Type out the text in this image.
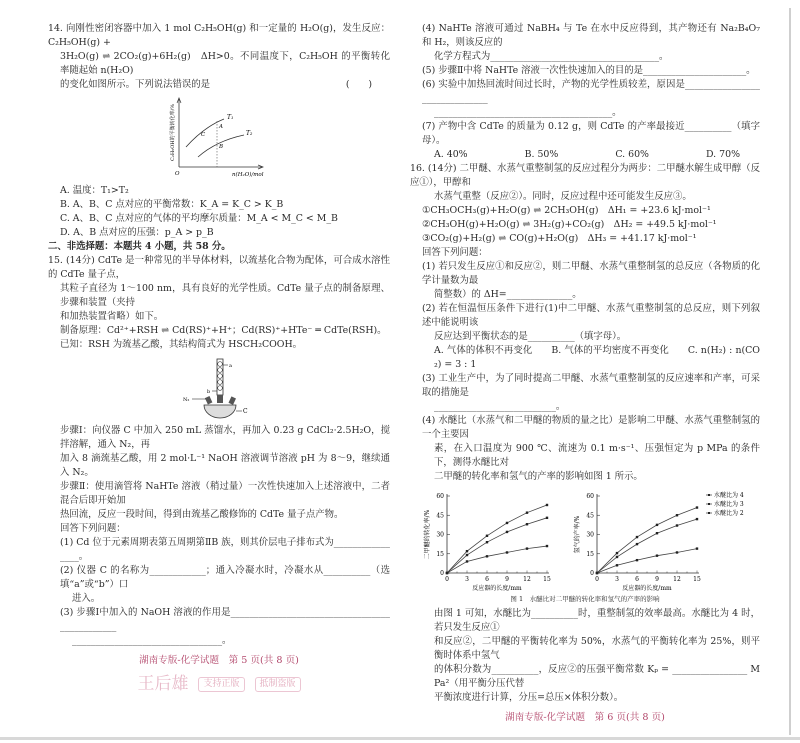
14. 向刚性密闭容器中加入 1 mol C₂H₅OH(g) 和一定量的 H₂O(g)，发生反应：C₂H₅OH(g) +
3H₂O(g) ⇌ 2CO₂(g)+6H₂(g)　ΔH>0。不同温度下，C₂H₅OH 的平衡转化率随起始 n(H₂O)
的变化如图所示。下列说法错误的是	(　　)
T₁
T₂
A
B
C
O	n(H₂O)/mol
C₂H₅OH的平衡转化率/%
A. 温度：T₁>T₂
B. A、B、C 点对应的平衡常数：K_A = K_C > K_B
C. A、B、C 点对应的气体的平均摩尔质量：M_A < M_C < M_B
D. A、B 点对应的压强：p_A > p_B
二、非选择题：本题共 4 小题，共 58 分。
15. (14分) CdTe 是一种常见的半导体材料，以巯基化合物为配体，可合成水溶性的 CdTe 量子点，
其粒子直径为 1～100 nm，具有良好的光学性质。CdTe 量子点的制备原理、步骤和装置（夹持
和加热装置省略）如下。
制备原理：Cd²⁺+RSH ⇌ Cd(RS)⁺+H⁺；Cd(RS)⁺+HTe⁻ ═ CdTe(RSH)。
已知：RSH 为巯基乙酸，其结构简式为 HSCH₂COOH。
a
b
N₂
C
步骤Ⅰ：向仪器 C 中加入 250 mL 蒸馏水，再加入 0.23 g CdCl₂·2.5H₂O，搅拌溶解，通入 N₂，再
加入 8 滴巯基乙酸，用 2 mol·L⁻¹ NaOH 溶液调节溶液 pH 为 8～9，继续通入 N₂。
步骤Ⅱ：使用滴管将 NaHTe 溶液（稍过量）一次性快速加入上述溶液中，二者混合后即开始加
热回流，反应一段时间，得到由巯基乙酸修饰的 CdTe 量子点产物。
回答下列问题：
(1) Cd 位于元素周期表第五周期第ⅡB 族，则其价层电子排布式为________________。
(2) 仪器 C 的名称为____________；通入冷凝水时，冷凝水从__________（选填“a”或“b”）口
进入。
(3) 步骤Ⅰ中加入的 NaOH 溶液的作用是______________________________________________
________________________________。
湖南专版-化学试题　第 5 页(共 8 页)
王后雄	支持正版	抵制盗版
(4) NaHTe 溶液可通过 NaBH₄ 与 Te 在水中反应得到，其产物还有 Na₂B₄O₇ 和 H₂，则该反应的
化学方程式为____________________________________。
(5) 步骤Ⅱ中将 NaHTe 溶液一次性快速加入的目的是______________________。
(6) 实验中加热回流时间过长时，产物的光学性质较差，原因是______________________________
______________________________________。
(7) 产物中含 CdTe 的质量为 0.12 g，则 CdTe 的产率最接近__________（填字母）。
A. 40%	B. 50%	C. 60%	D. 70%
16. (14分) 二甲醚、水蒸气重整制氢的反应过程分为两步：二甲醚水解生成甲醇（反应①），甲醇和
水蒸气重整（反应②）。同时，反应过程中还可能发生反应③。
①CH₃OCH₃(g)+H₂O(g) ⇌ 2CH₃OH(g)　ΔH₁ = +23.6 kJ·mol⁻¹
②CH₃OH(g)+H₂O(g) ⇌ 3H₂(g)+CO₂(g)　ΔH₂ = +49.5 kJ·mol⁻¹
③CO₂(g)+H₂(g) ⇌ CO(g)+H₂O(g)　ΔH₃ = +41.17 kJ·mol⁻¹
回答下列问题：
(1) 若只发生反应①和反应②，则二甲醚、水蒸气重整制氢的总反应（各物质的化学计量数为最
简整数）的 ΔH=______________。
(2) 若在恒温恒压条件下进行(1)中二甲醚、水蒸气重整制氢的总反应，则下列叙述中能说明该
反应达到平衡状态的是__________（填字母）。
A. 气体的体积不再变化　　B. 气体的平均密度不再变化　　C. n(H₂) : n(CO₂) = 3 : 1
(3) 工业生产中，为了同时提高二甲醚、水蒸气重整制氢的反应速率和产率，可采取的措施是
__________________________。
(4) 水醚比（水蒸气和二甲醚的物质的量之比）是影响二甲醚、水蒸气重整制氢的一个主要因
素，在入口温度为 900 ℃、流速为 0.1 m·s⁻¹、压强恒定为 p MPa 的条件下，测得水醚比对
二甲醚的转化率和氢气的产率的影响如图 1 所示。
0
15
30
45
60
0	3	6	9 12 15
反应器的长度/mm
二甲醚的转化率/%
0
15
30
45
60
0	3	6	9 12 15
反应器的长度/mm
氢气的产率/%
水醚比为 4
水醚比为 3
水醚比为 2
图 1　水醚比对二甲醚的转化率和氢气的产率的影响
由图 1 可知，水醚比为__________时，重整制氢的效率最高。水醚比为 4 时，若只发生反应①
和反应②，二甲醚的平衡转化率为 50%，水蒸气的平衡转化率为 25%，则平衡时体系中氢气
的体积分数为__________，反应②的压强平衡常数 Kₚ = ________________ MPa²（用平衡分压代替
平衡浓度进行计算，分压=总压×体积分数）。
湖南专版-化学试题　第 6 页(共 8 页)
